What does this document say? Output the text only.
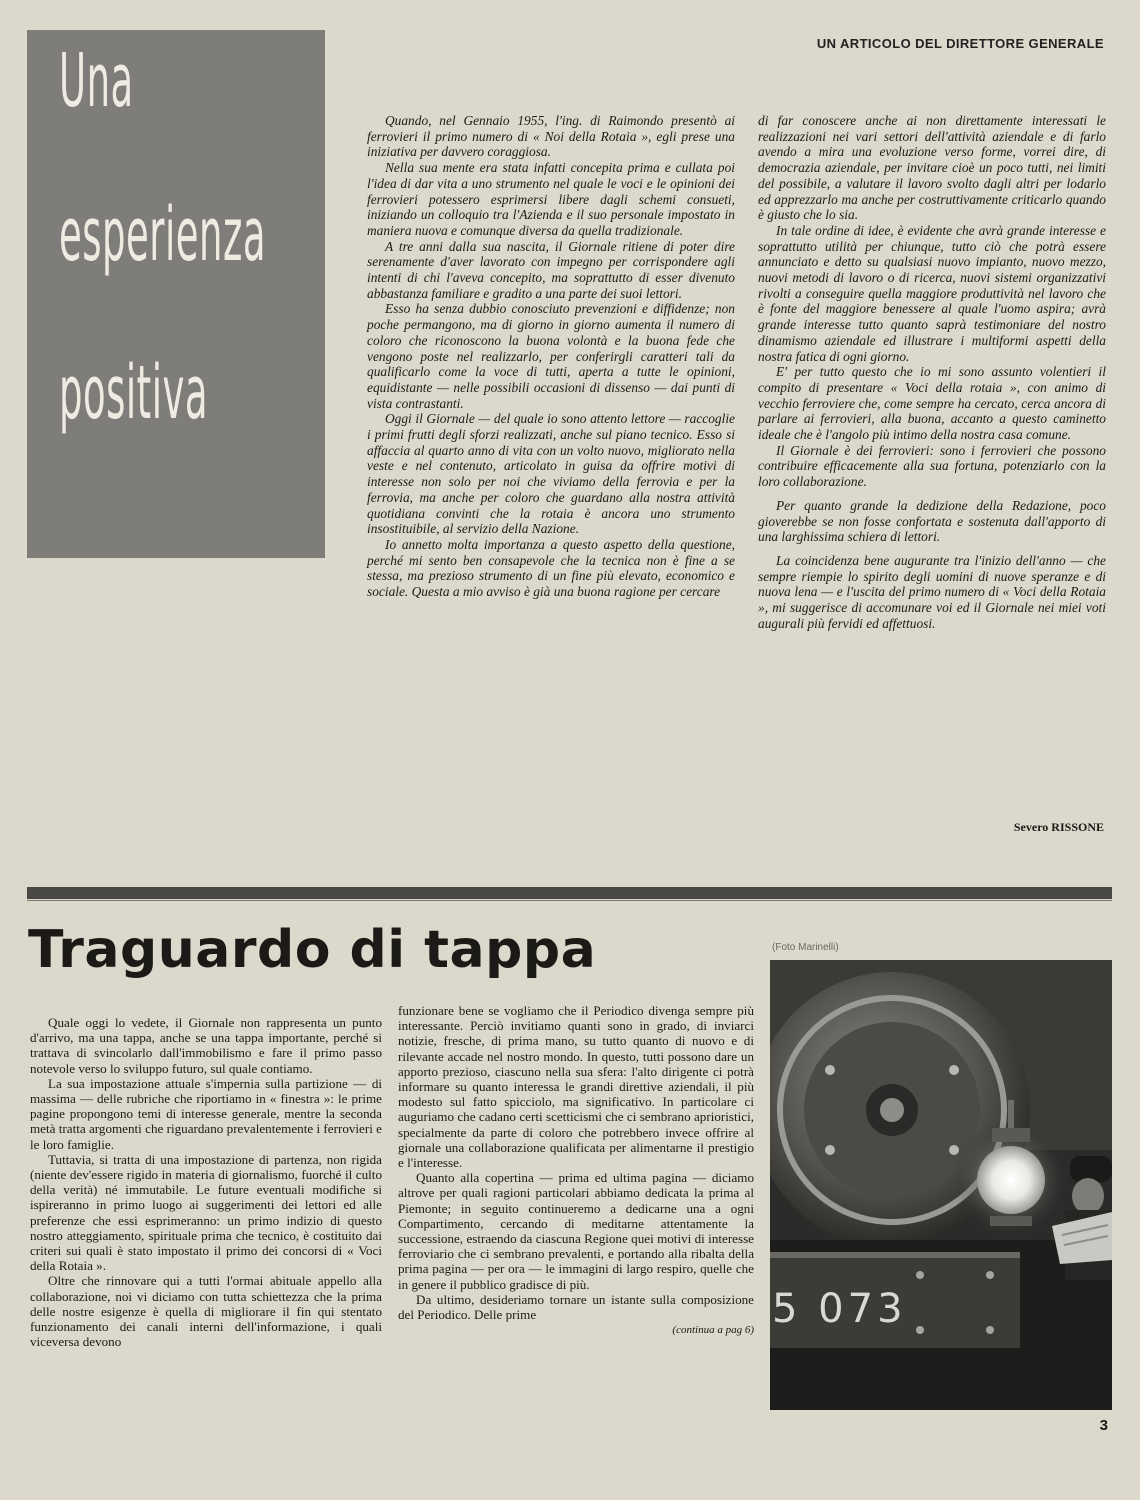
Una
esperienza
positiva
UN ARTICOLO DEL DIRETTORE GENERALE

Quando, nel Gennaio 1955, l'ing. di Raimondo presentò ai ferrovieri il primo numero di « Noi della Rotaia », egli prese una iniziativa per davvero coraggiosa.

Nella sua mente era stata infatti concepita prima e cullata poi l'idea di dar vita a uno strumento nel quale le voci e le opinioni dei ferrovieri potessero esprimersi libere dagli schemi consueti, iniziando un colloquio tra l'Azienda e il suo personale impostato in maniera nuova e comunque diversa da quella tradizionale.

A tre anni dalla sua nascita, il Giornale ritiene di poter dire serenamente d'aver lavorato con impegno per corrispondere agli intenti di chi l'aveva concepito, ma soprattutto di esser divenuto abbastanza familiare e gradito a una parte dei suoi lettori.

Esso ha senza dubbio conosciuto prevenzioni e diffidenze; non poche permangono, ma di giorno in giorno aumenta il numero di coloro che riconoscono la buona volontà e la buona fede che vengono poste nel realizzarlo, per conferirgli caratteri tali da qualificarlo come la voce di tutti, aperta a tutte le opinioni, equidistante — nelle possibili occasioni di dissenso — dai punti di vista contrastanti.

Oggi il Giornale — del quale io sono attento lettore — raccoglie i primi frutti degli sforzi realizzati, anche sul piano tecnico. Esso si affaccia al quarto anno di vita con un volto nuovo, migliorato nella veste e nel contenuto, articolato in guisa da offrire motivi di interesse non solo per noi che viviamo della ferrovia e per la ferrovia, ma anche per coloro che guardano alla nostra attività quotidiana convinti che la rotaia è ancora uno strumento insostituibile, al servizio della Nazione.

Io annetto molta importanza a questo aspetto della questione, perché mi sento ben consapevole che la tecnica non è fine a se stessa, ma prezioso strumento di un fine più elevato, economico e sociale. Questa a mio avviso è già una buona ragione per cercare

di far conoscere anche ai non direttamente interessati le realizzazioni nei vari settori dell'attività aziendale e di farlo avendo a mira una evoluzione verso forme, vorrei dire, di democrazia aziendale, per invitare cioè un poco tutti, nei limiti del possibile, a valutare il lavoro svolto dagli altri per lodarlo ed apprezzarlo ma anche per costruttivamente criticarlo quando è giusto che lo sia.

In tale ordine di idee, è evidente che avrà grande interesse e soprattutto utilità per chiunque, tutto ciò che potrà essere annunciato e detto su qualsiasi nuovo impianto, nuovo mezzo, nuovi metodi di lavoro o di ricerca, nuovi sistemi organizzativi rivolti a conseguire quella maggiore produttività nel lavoro che è fonte del maggiore benessere al quale l'uomo aspira; avrà grande interesse tutto quanto saprà testimoniare del nostro dinamismo aziendale ed illustrare i multiformi aspetti della nostra fatica di ogni giorno.

E' per tutto questo che io mi sono assunto volentieri il compito di presentare « Voci della rotaia », con animo di vecchio ferroviere che, come sempre ha cercato, cerca ancora di parlare ai ferrovieri, alla buona, accanto a questo caminetto ideale che è l'angolo più intimo della nostra casa comune.

Il Giornale è dei ferrovieri: sono i ferrovieri che possono contribuire efficacemente alla sua fortuna, potenziarlo con la loro collaborazione.

Per quanto grande la dedizione della Redazione, poco gioverebbe se non fosse confortata e sostenuta dall'apporto di una larghissima schiera di lettori.

La coincidenza bene augurante tra l'inizio dell'anno — che sempre riempie lo spirito degli uomini di nuove speranze e di nuova lena — e l'uscita del primo numero di « Voci della Rotaia », mi suggerisce di accomunare voi ed il Giornale nei miei voti augurali più fervidi ed affettuosi.

Severo RISSONE
Traguardo di tappa	(Foto Marinelli)

Quale oggi lo vedete, il Giornale non rappresenta un punto d'arrivo, ma una tappa, anche se una tappa importante, perché si trattava di svincolarlo dall'immobilismo e fare il primo passo notevole verso lo sviluppo futuro, sul quale contiamo.

La sua impostazione attuale s'impernia sulla partizione — di massima — delle rubriche che riportiamo in « finestra »: le prime pagine propongono temi di interesse generale, mentre la seconda metà tratta argomenti che riguardano prevalentemente i ferrovieri e le loro famiglie.

Tuttavia, si tratta di una impostazione di partenza, non rigida (niente dev'essere rigido in materia di giornalismo, fuorché il culto della verità) né immutabile. Le future eventuali modifiche si ispireranno in primo luogo ai suggerimenti dei lettori ed alle preferenze che essi esprimeranno: un primo indizio di questo nostro atteggiamento, spirituale prima che tecnico, è costituito dai criteri sui quali è stato impostato il primo dei concorsi di « Voci della Rotaia ».

Oltre che rinnovare qui a tutti l'ormai abituale appello alla collaborazione, noi vi diciamo con tutta schiettezza che la prima delle nostre esigenze è quella di migliorare il fin qui stentato funzionamento dei canali interni dell'informazione, i quali viceversa devono

funzionare bene se vogliamo che il Periodico divenga sempre più interessante. Perciò invitiamo quanti sono in grado, di inviarci notizie, fresche, di prima mano, su tutto quanto di nuovo e di rilevante accade nel nostro mondo. In questo, tutti possono dare un apporto prezioso, ciascuno nella sua sfera: l'alto dirigente ci potrà informare su quanto interessa le grandi direttive aziendali, il più modesto sul fatto spicciolo, ma significativo. In particolare ci auguriamo che cadano certi scetticismi che ci sembrano aprioristici, specialmente da parte di coloro che potrebbero invece offrire al giornale una collaborazione qualificata per alimentarne il prestigio e l'interesse.

Quanto alla copertina — prima ed ultima pagina — diciamo altrove per quali ragioni particolari abbiamo dedicata la prima al Piemonte; in seguito continueremo a dedicarne una a ogni Compartimento, cercando di meditarne attentamente la successione, estraendo da ciascuna Regione quei motivi di interesse ferroviario che ci sembrano prevalenti, e portando alla ribalta della prima pagina — per ora — le immagini di largo respiro, quelle che in genere il pubblico gradisce di più.

Da ultimo, desideriamo tornare un istante sulla composizione del Periodico. Delle prime

(continua a pag 6) 5 073
3
